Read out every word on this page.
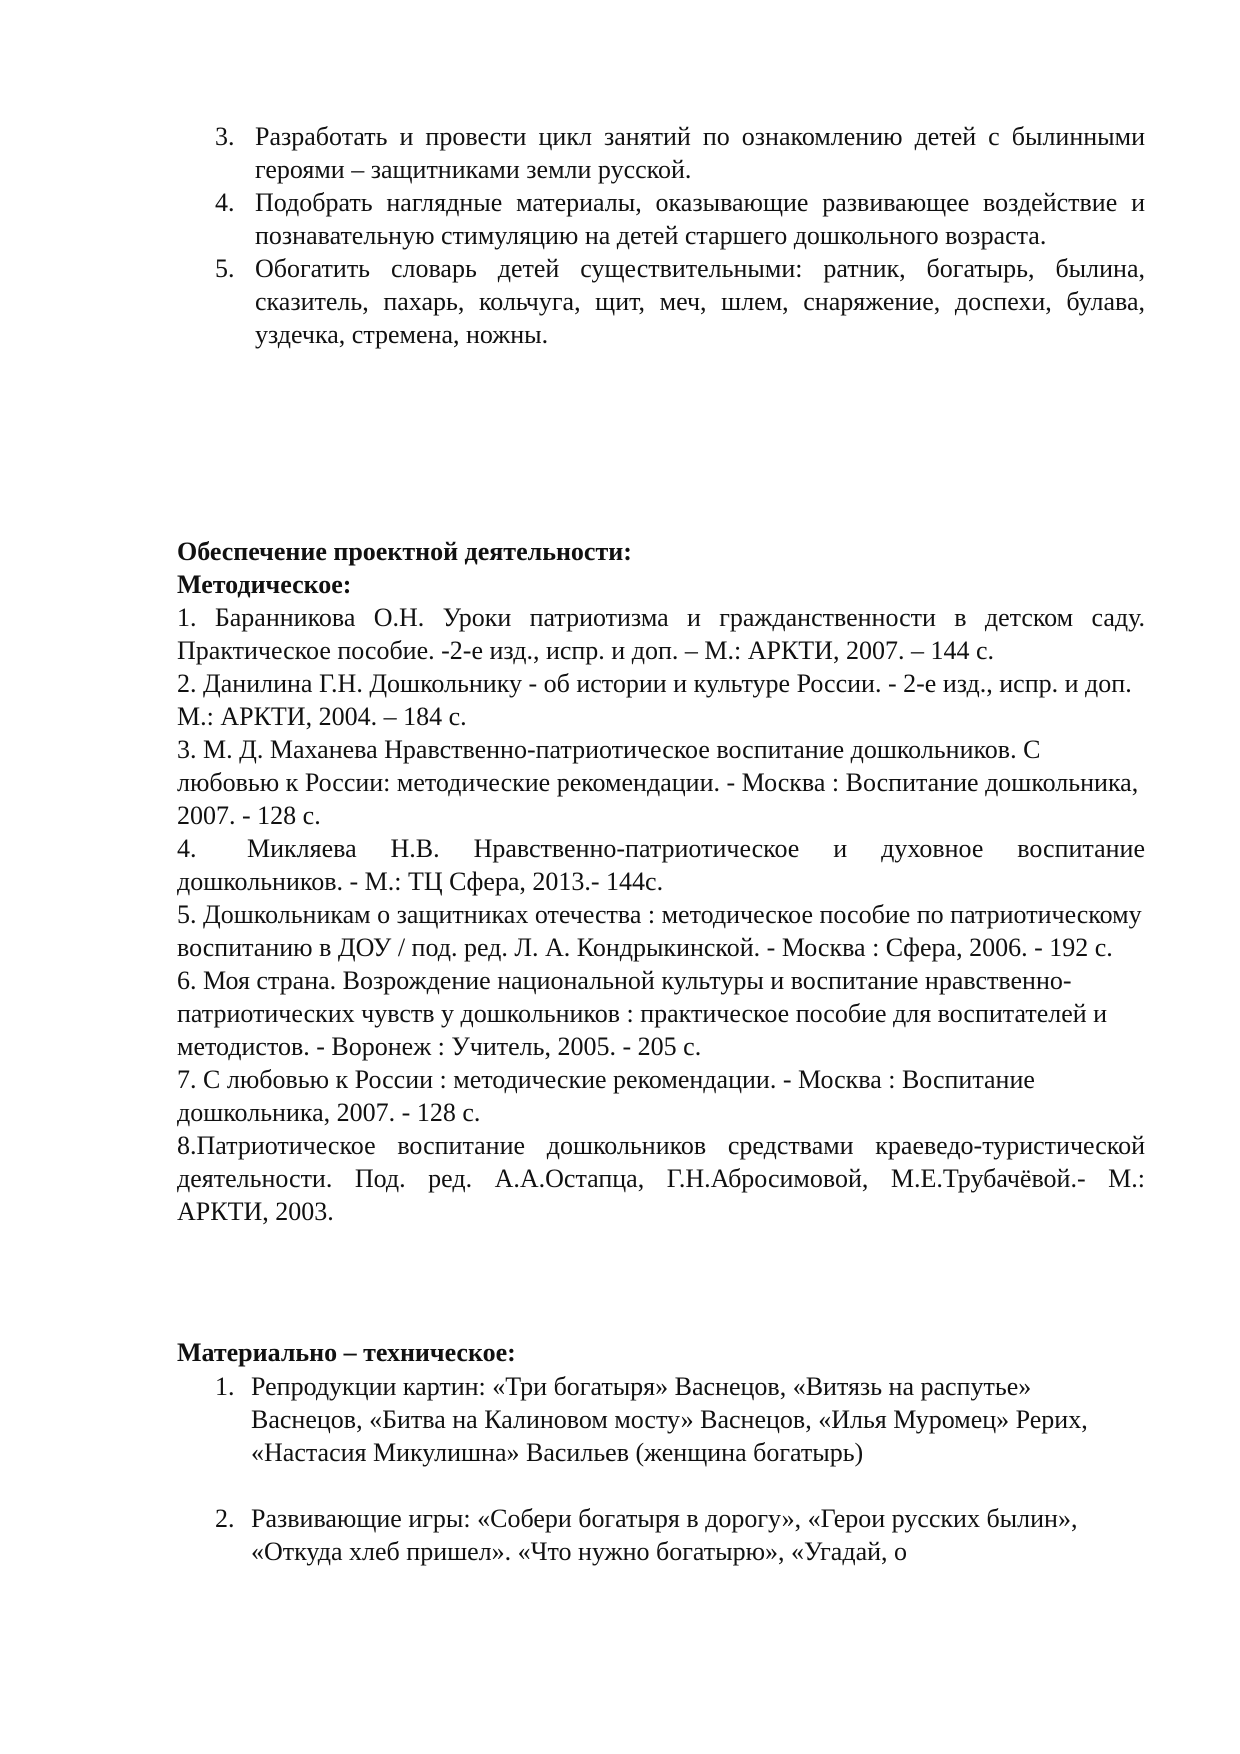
3. Разработать и провести цикл занятий по ознакомлению детей с былинными героями – защитниками земли русской.
4. Подобрать наглядные материалы, оказывающие развивающее воздействие и познавательную стимуляцию на детей старшего дошкольного возраста.
5. Обогатить словарь детей существительными: ратник, богатырь, былина, сказитель, пахарь, кольчуга, щит, меч, шлем, снаряжение, доспехи, булава, уздечка, стремена, ножны.

Обеспечение проектной деятельности:

Методическое:

1. Баранникова О.Н. Уроки патриотизма и гражданственности в детском саду. Практическое пособие. -2-е изд., испр. и доп. – М.: АРКТИ, 2007. – 144 с.

2. Данилина Г.Н. Дошкольнику - об истории и культуре России. - 2-е изд., испр. и доп. М.: АРКТИ, 2004. – 184 с.

3. М. Д. Маханева Нравственно-патриотическое воспитание дошкольников. С любовью к России: методические рекомендации. - Москва : Воспитание дошкольника, 2007. - 128 с.

4. Микляева Н.В. Нравственно-патриотическое и духовное воспитание дошкольников. - М.: ТЦ Сфера, 2013.- 144с.

5. Дошкольникам о защитниках отечества : методическое пособие по патриотическому воспитанию в ДОУ / под. ред. Л. А. Кондрыкинской. - Москва : Сфера, 2006. - 192 с.

6. Моя страна. Возрождение национальной культуры и воспитание нравственно-патриотических чувств у дошкольников : практическое пособие для воспитателей и методистов. - Воронеж : Учитель, 2005. - 205 с.

7. С любовью к России : методические рекомендации. - Москва : Воспитание дошкольника, 2007. - 128 с.

8.Патриотическое воспитание дошкольников средствами краеведо-туристической деятельности. Под. ред. А.А.Остапца, Г.Н.Абросимовой, М.Е.Трубачёвой.- М.: АРКТИ, 2003.

Материально – техническое:

1. Репродукции картин: «Три богатыря» Васнецов, «Витязь на распутье» Васнецов, «Битва на Калиновом мосту» Васнецов, «Илья Муромец» Рерих, «Настасия Микулишна» Васильев (женщина богатырь)
2. Развивающие игры: «Собери богатыря в дорогу», «Герои русских былин», «Откуда хлеб пришел». «Что нужно богатырю», «Угадай, о
